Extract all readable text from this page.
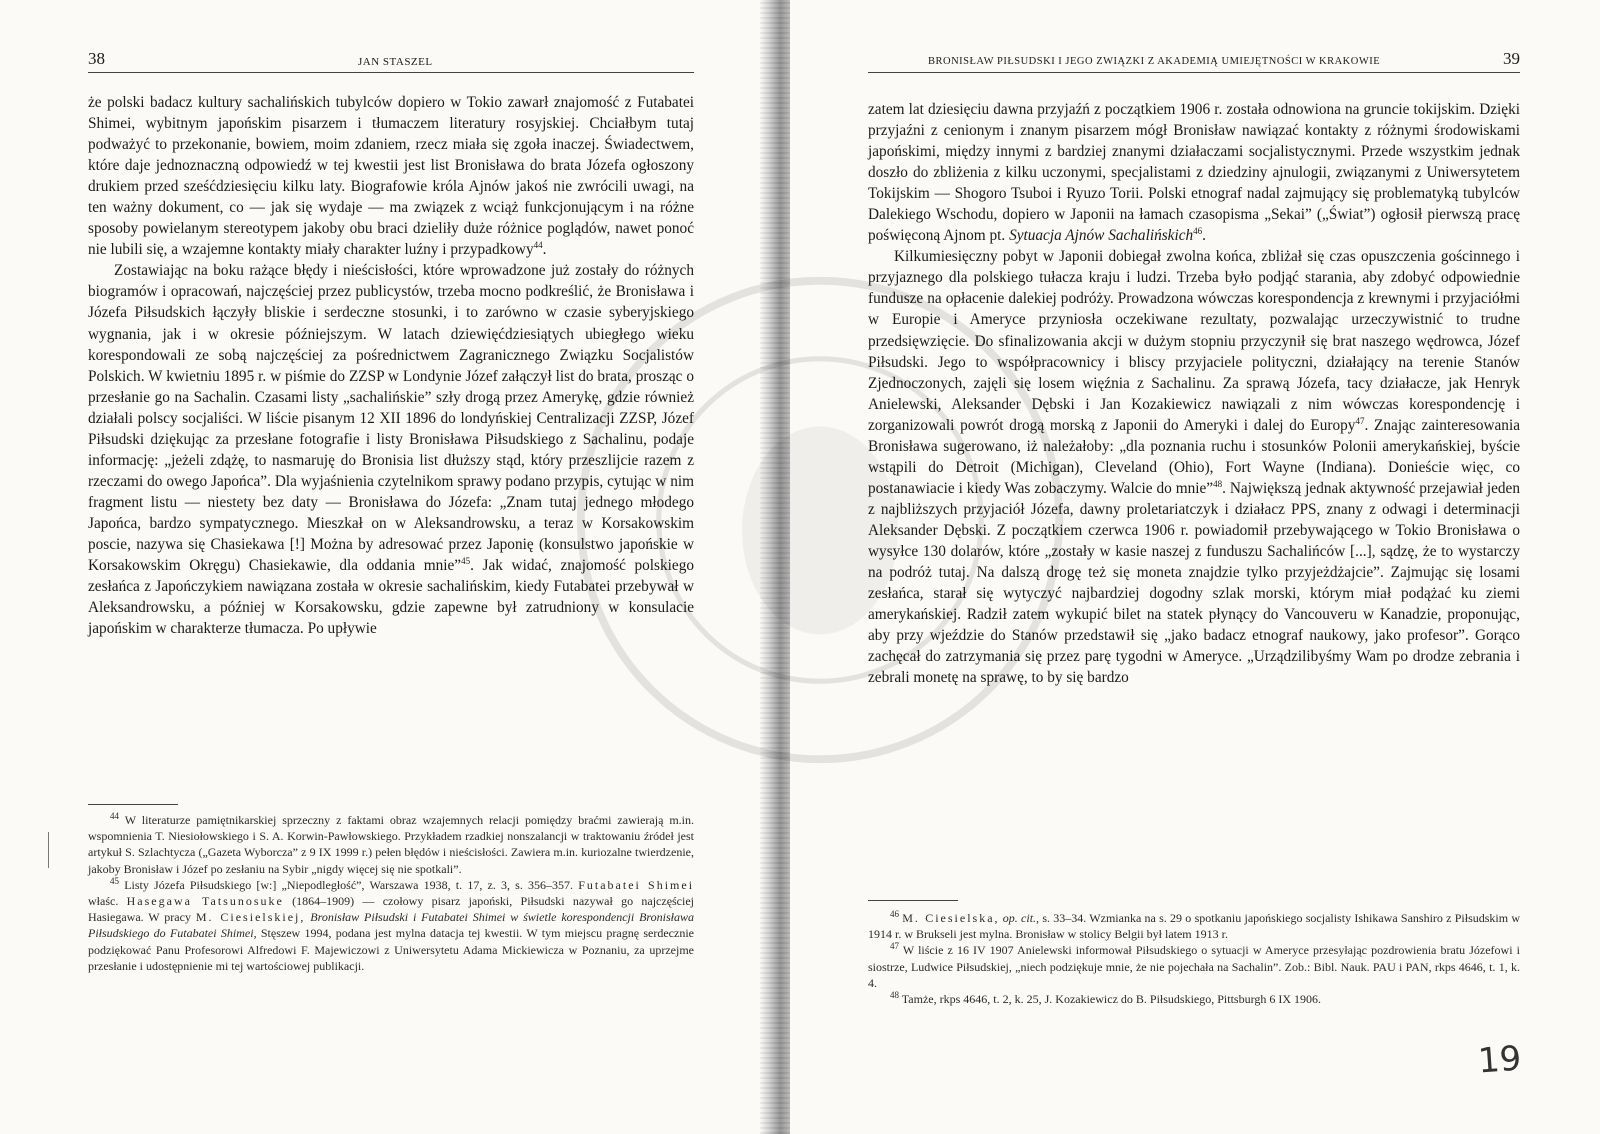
38	JAN STASZEL

że polski badacz kultury sachalińskich tubylców dopiero w Tokio zawarł znajomość z Futabatei Shimei, wybitnym japońskim pisarzem i tłumaczem literatury rosyjskiej. Chciałbym tutaj podważyć to przekonanie, bowiem, moim zdaniem, rzecz miała się zgoła inaczej. Świadectwem, które daje jednoznaczną odpowiedź w tej kwestii jest list Bronisława do brata Józefa ogłoszony drukiem przed sześćdziesięciu kilku laty. Biografowie króla Ajnów jakoś nie zwrócili uwagi, na ten ważny dokument, co — jak się wydaje — ma związek z wciąż funkcjonującym i na różne sposoby powielanym stereotypem jakoby obu braci dzieliły duże różnice poglądów, nawet ponoć nie lubili się, a wzajemne kontakty miały charakter luźny i przypadkowy$^{44}$.

Zostawiając na boku rażące błędy i nieścisłości, które wprowadzone już zostały do różnych biogramów i opracowań, najczęściej przez publicystów, trzeba mocno podkreślić, że Bronisława i Józefa Piłsudskich łączyły bliskie i serdeczne stosunki, i to zarówno w czasie syberyjskiego wygnania, jak i w okresie późniejszym. W latach dziewięćdziesiątych ubiegłego wieku korespondowali ze sobą najczęściej za pośrednictwem Zagranicznego Związku Socjalistów Polskich. W kwietniu 1895 r. w piśmie do ZZSP w Londynie Józef załączył list do brata, prosząc o przesłanie go na Sachalin. Czasami listy „sachalińskie” szły drogą przez Amerykę, gdzie również działali polscy socjaliści. W liście pisanym 12 XII 1896 do londyńskiej Centralizacji ZZSP, Józef Piłsudski dziękując za przesłane fotografie i listy Bronisława Piłsudskiego z Sachalinu, podaje informację: „jeżeli zdążę, to nasmaruję do Bronisia list dłuższy stąd, który przeszlijcie razem z rzeczami do owego Japońca”. Dla wyjaśnienia czytelnikom sprawy podano przypis, cytując w nim fragment listu — niestety bez daty — Bronisława do Józefa: „Znam tutaj jednego młodego Japońca, bardzo sympatycznego. Mieszkał on w Aleksandrowsku, a teraz w Korsakowskim poscie, nazywa się Chasiekawa [!] Można by adresować przez Japonię (konsulstwo japońskie w Korsakowskim Okręgu) Chasiekawie, dla oddania mnie”$^{45}$. Jak widać, znajomość polskiego zesłańca z Japończykiem nawiązana została w okresie sachalińskim, kiedy Futabatei przebywał w Aleksandrowsku, a później w Korsakowsku, gdzie zapewne był zatrudniony w konsulacie japońskim w charakterze tłumacza. Po upływie

$^{44}$ W literaturze pamiętnikarskiej sprzeczny z faktami obraz wzajemnych relacji pomiędzy braćmi zawierają m.in. wspomnienia T. Niesiołowskiego i S. A. Korwin-Pawłowskiego. Przykładem rzadkiej nonszalancji w traktowaniu źródeł jest artykuł S. Szlachtycza („Gazeta Wyborcza” z 9 IX 1999 r.) pełen błędów i nieścisłości. Zawiera m.in. kuriozalne twierdzenie, jakoby Bronisław i Józef po zesłaniu na Sybir „nigdy więcej się nie spotkali”.

$^{45}$ Listy Józefa Piłsudskiego [w:] „Niepodległość”, Warszawa 1938, t. 17, z. 3, s. 356–357. Futabatei Shimei właśc. Hasegawa Tatsunosuke (1864–1909) — czołowy pisarz japoński, Piłsudski nazywał go najczęściej Hasiegawa. W pracy M. Ciesielskiej, Bronisław Piłsudski i Futabatei Shimei w świetle korespondencji Bronisława Piłsudskiego do Futabatei Shimei, Stęszew 1994, podana jest mylna datacja tej kwestii. W tym miejscu pragnę serdecznie podziękować Panu Profesorowi Alfredowi F. Majewiczowi z Uniwersytetu Adama Mickiewicza w Poznaniu, za uprzejme przesłanie i udostępnienie mi tej wartościowej publikacji.

BRONISŁAW PIŁSUDSKI I JEGO ZWIĄZKI Z AKADEMIĄ UMIEJĘTNOŚCI W KRAKOWIE	39

zatem lat dziesięciu dawna przyjaźń z początkiem 1906 r. została odnowiona na gruncie tokijskim. Dzięki przyjaźni z cenionym i znanym pisarzem mógł Bronisław nawiązać kontakty z różnymi środowiskami japońskimi, między innymi z bardziej znanymi działaczami socjalistycznymi. Przede wszystkim jednak doszło do zbliżenia z kilku uczonymi, specjalistami z dziedziny ajnulogii, związanymi z Uniwersytetem Tokijskim — Shogoro Tsuboi i Ryuzo Torii. Polski etnograf nadal zajmujący się problematyką tubylców Dalekiego Wschodu, dopiero w Japonii na łamach czasopisma „Sekai” („Świat”) ogłosił pierwszą pracę poświęconą Ajnom pt. Sytuacja Ajnów Sachalińskich$^{46}$.

Kilkumiesięczny pobyt w Japonii dobiegał zwolna końca, zbliżał się czas opuszczenia gościnnego i przyjaznego dla polskiego tułacza kraju i ludzi. Trzeba było podjąć starania, aby zdobyć odpowiednie fundusze na opłacenie dalekiej podróży. Prowadzona wówczas korespondencja z krewnymi i przyjaciółmi w Europie i Ameryce przyniosła oczekiwane rezultaty, pozwalając urzeczywistnić to trudne przedsięwzięcie. Do sfinalizowania akcji w dużym stopniu przyczynił się brat naszego wędrowca, Józef Piłsudski. Jego to współpracownicy i bliscy przyjaciele polityczni, działający na terenie Stanów Zjednoczonych, zajęli się losem więźnia z Sachalinu. Za sprawą Józefa, tacy działacze, jak Henryk Anielewski, Aleksander Dębski i Jan Kozakiewicz nawiązali z nim wówczas korespondencję i zorganizowali powrót drogą morską z Japonii do Ameryki i dalej do Europy$^{47}$. Znając zainteresowania Bronisława sugerowano, iż należałoby: „dla poznania ruchu i stosunków Polonii amerykańskiej, byście wstąpili do Detroit (Michigan), Cleveland (Ohio), Fort Wayne (Indiana). Donieście więc, co postanawiacie i kiedy Was zobaczymy. Walcie do mnie”$^{48}$. Największą jednak aktywność przejawiał jeden z najbliższych przyjaciół Józefa, dawny proletariatczyk i działacz PPS, znany z odwagi i determinacji Aleksander Dębski. Z początkiem czerwca 1906 r. powiadomił przebywającego w Tokio Bronisława o wysyłce 130 dolarów, które „zostały w kasie naszej z funduszu Sachalińców [...], sądzę, że to wystarczy na podróż tutaj. Na dalszą drogę też się moneta znajdzie tylko przyjeżdżajcie”. Zajmując się losami zesłańca, starał się wytyczyć najbardziej dogodny szlak morski, którym miał podążać ku ziemi amerykańskiej. Radził zatem wykupić bilet na statek płynący do Vancouveru w Kanadzie, proponując, aby przy wjeździe do Stanów przedstawił się „jako badacz etnograf naukowy, jako profesor”. Gorąco zachęcał do zatrzymania się przez parę tygodni w Ameryce. „Urządzilibyśmy Wam po drodze zebrania i zebrali monetę na sprawę, to by się bardzo

$^{46}$ M. Ciesielska, op. cit., s. 33–34. Wzmianka na s. 29 o spotkaniu japońskiego socjalisty Ishikawa Sanshiro z Piłsudskim w 1914 r. w Brukseli jest mylna. Bronisław w stolicy Belgii był latem 1913 r.

$^{47}$ W liście z 16 IV 1907 Anielewski informował Piłsudskiego o sytuacji w Ameryce przesyłając pozdrowienia bratu Józefowi i siostrze, Ludwice Piłsudskiej, „niech podziękuje mnie, że nie pojechała na Sachalin”. Zob.: Bibl. Nauk. PAU i PAN, rkps 4646, t. 1, k. 4.

$^{48}$ Tamże, rkps 4646, t. 2, k. 25, J. Kozakiewicz do B. Piłsudskiego, Pittsburgh 6 IX 1906.

19
